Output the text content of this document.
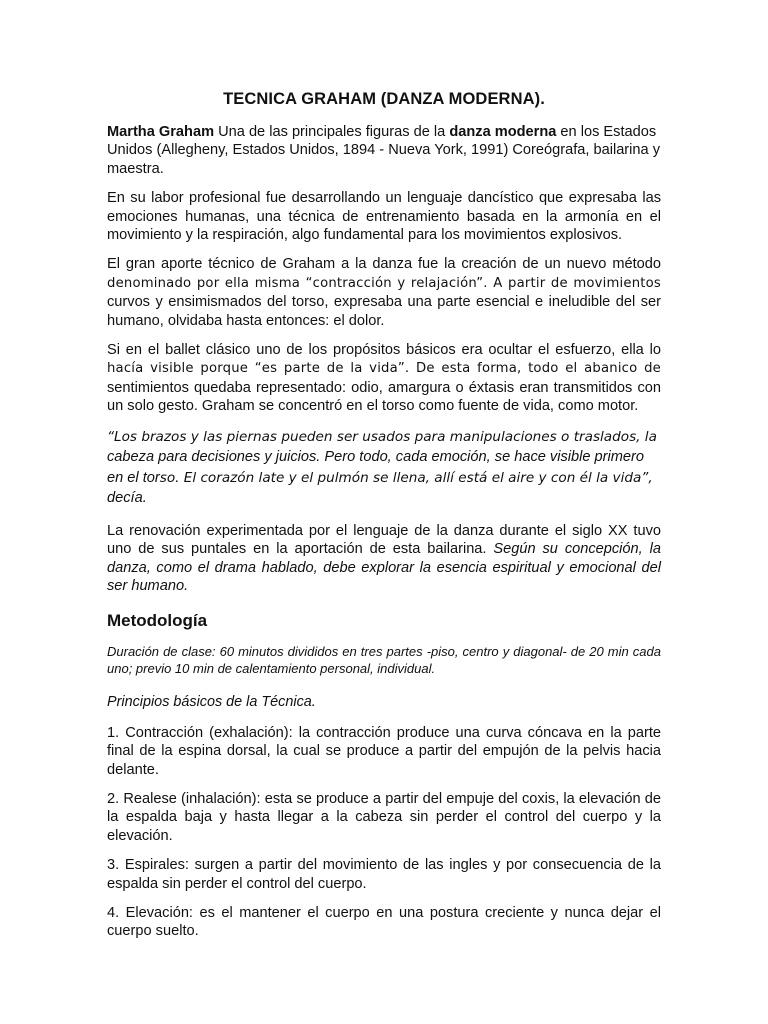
TECNICA GRAHAM (DANZA MODERNA).

Martha Graham Una de las principales figuras de la danza moderna en los Estados Unidos (Allegheny, Estados Unidos, 1894 - Nueva York, 1991) Coreógrafa, bailarina y maestra.

En su labor profesional fue desarrollando un lenguaje dancístico que expresaba las emociones humanas, una técnica de entrenamiento basada en la armonía en el movimiento y la respiración, algo fundamental para los movimientos explosivos.

El gran aporte técnico de Graham a la danza fue la creación de un nuevo método denominado por ella misma “contracción y relajación”. A partir de movimientos curvos y ensimismados del torso, expresaba una parte esencial e ineludible del ser humano, olvidaba hasta entonces: el dolor.

Si en el ballet clásico uno de los propósitos básicos era ocultar el esfuerzo, ella lo hacía visible porque “es parte de la vida”. De esta forma, todo el abanico de sentimientos quedaba representado: odio, amargura o éxtasis eran transmitidos con un solo gesto. Graham se concentró en el torso como fuente de vida, como motor.

“Los brazos y las piernas pueden ser usados para manipulaciones o traslados, la cabeza para decisiones y juicios. Pero todo, cada emoción, se hace visible primero en el torso. El corazón late y el pulmón se llena, allí está el aire y con él la vida”, decía.

La renovación experimentada por el lenguaje de la danza durante el siglo XX tuvo uno de sus puntales en la aportación de esta bailarina. Según su concepción, la danza, como el drama hablado, debe explorar la esencia espiritual y emocional del ser humano.

Metodología

Duración de clase: 60 minutos divididos en tres partes -piso, centro y diagonal- de 20 min cada uno; previo 10 min de calentamiento personal, individual.

Principios básicos de la Técnica.

1. Contracción (exhalación): la contracción produce una curva cóncava en la parte final de la espina dorsal, la cual se produce a partir del empujón de la pelvis hacia delante.

2. Realese (inhalación): esta se produce a partir del empuje del coxis, la elevación de la espalda baja y hasta llegar a la cabeza sin perder el control del cuerpo y la elevación.

3. Espirales: surgen a partir del movimiento de las ingles y por consecuencia de la espalda sin perder el control del cuerpo.

4. Elevación: es el mantener el cuerpo en una postura creciente y nunca dejar el cuerpo suelto.
